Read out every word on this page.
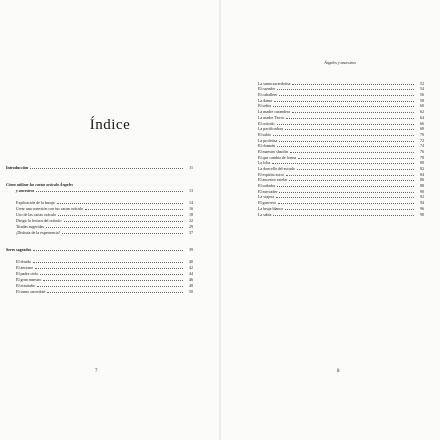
Índice
Introducción	11
Cómo utilizar las cartas oráculo Ángeles
y ancestros	13
Explicación de la baraja	14
Crear una conexión con tus cartas oráculo	16
Uso de las cartas oráculo	18
Dirigir la lectura del oráculo	22
Tiradas sugeridas	29
¡Disfruta de la experiencia!	37
Seres sagrados	39
El druida	40
El anciano	42
El padre cielo	44
El gran maestro	46
El ermitaño	48
El sumo sacerdote	50
7
Ángeles y ancestros
La suma sacerdotisa	52
El cazador	54
El caballero	56
La dama	58
El señor	60
La madre curandera	62
La madre Tierra	64
El oráculo	66
La pacificadora	68
El sabio	70
La profetisa	72
El chamán	74
El maestro shaolin	76
El que cambia de forma	78
La loba	80
La doncella del escudo	82
El espíritu zorro	84
El ancestro estelar	86
El soñador	88
El mercader	90
La viajera	92
El guerrero	94
La bruja blanca	96
La sabia	98
8
